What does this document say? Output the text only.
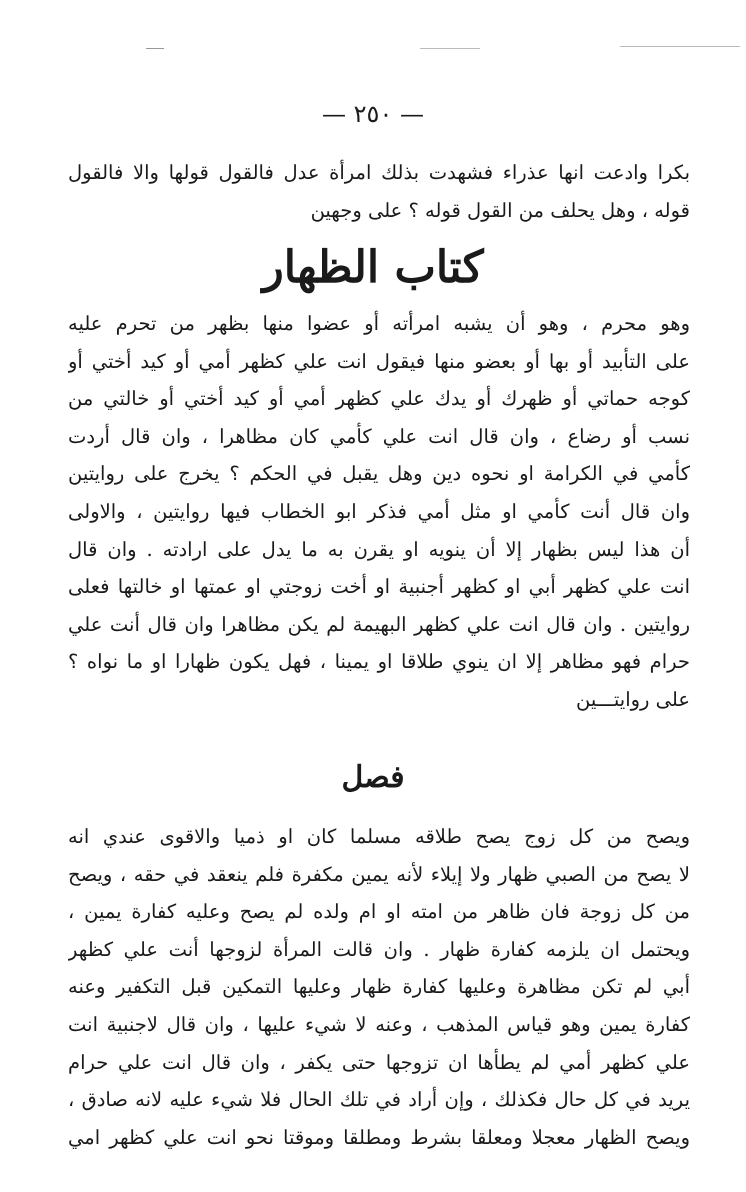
— ٢٥٠ —
بكرا وادعت انها عذراء فشهدت بذلك امرأة عدل فالقول قولها والا فالقول
قوله ، وهل يحلف من القول قوله ؟ على وجهين
كتاب الظهار
وهو محرم ، وهو أن يشبه امرأته أو عضوا منها بظهر من تحرم عليه
على التأبيد أو بها أو بعضو منها فيقول انت علي كظهر أمي أو كيد أختي أو
كوجه حماتي أو ظهرك أو يدك علي كظهر أمي أو كيد أختي أو خالتي من
نسب أو رضاع ، وان قال انت علي كأمي كان مظاهرا ، وان قال أردت
كأمي في الكرامة او نحوه دين وهل يقبل في الحكم ؟ يخرج على روايتين
وان قال أنت كأمي او مثل أمي فذكر ابو الخطاب فيها روايتين ، والاولى
أن هذا ليس بظهار إلا أن ينويه او يقرن به ما يدل على ارادته . وان قال
انت علي كظهر أبي او كظهر أجنبية او أخت زوجتي او عمتها او خالتها فعلى
روايتين . وان قال انت علي كظهر البهيمة لم يكن مظاهرا وان قال أنت علي
حرام فهو مظاهر إلا ان ينوي طلاقا او يمينا ، فهل يكون ظهارا او ما نواه ؟
على روايتـــين
فصل
ويصح من كل زوج يصح طلاقه مسلما كان او ذميا والاقوى عندي انه
لا يصح من الصبي ظهار ولا إيلاء لأنه يمين مكفرة فلم ينعقد في حقه ، ويصح
من كل زوجة فان ظاهر من امته او ام ولده لم يصح وعليه كفارة يمين ،
ويحتمل ان يلزمه كفارة ظهار . وان قالت المرأة لزوجها أنت علي كظهر
أبي لم تكن مظاهرة وعليها كفارة ظهار وعليها التمكين قبل التكفير وعنه
كفارة يمين وهو قياس المذهب ، وعنه لا شيء عليها ، وان قال لاجنبية انت
علي كظهر أمي لم يطأها ان تزوجها حتى يكفر ، وان قال انت علي حرام
يريد في كل حال فكذلك ، وإن أراد في تلك الحال فلا شيء عليه لانه صادق ،
ويصح الظهار معجلا ومعلقا بشرط ومطلقا وموقتا نحو انت علي كظهر امي
